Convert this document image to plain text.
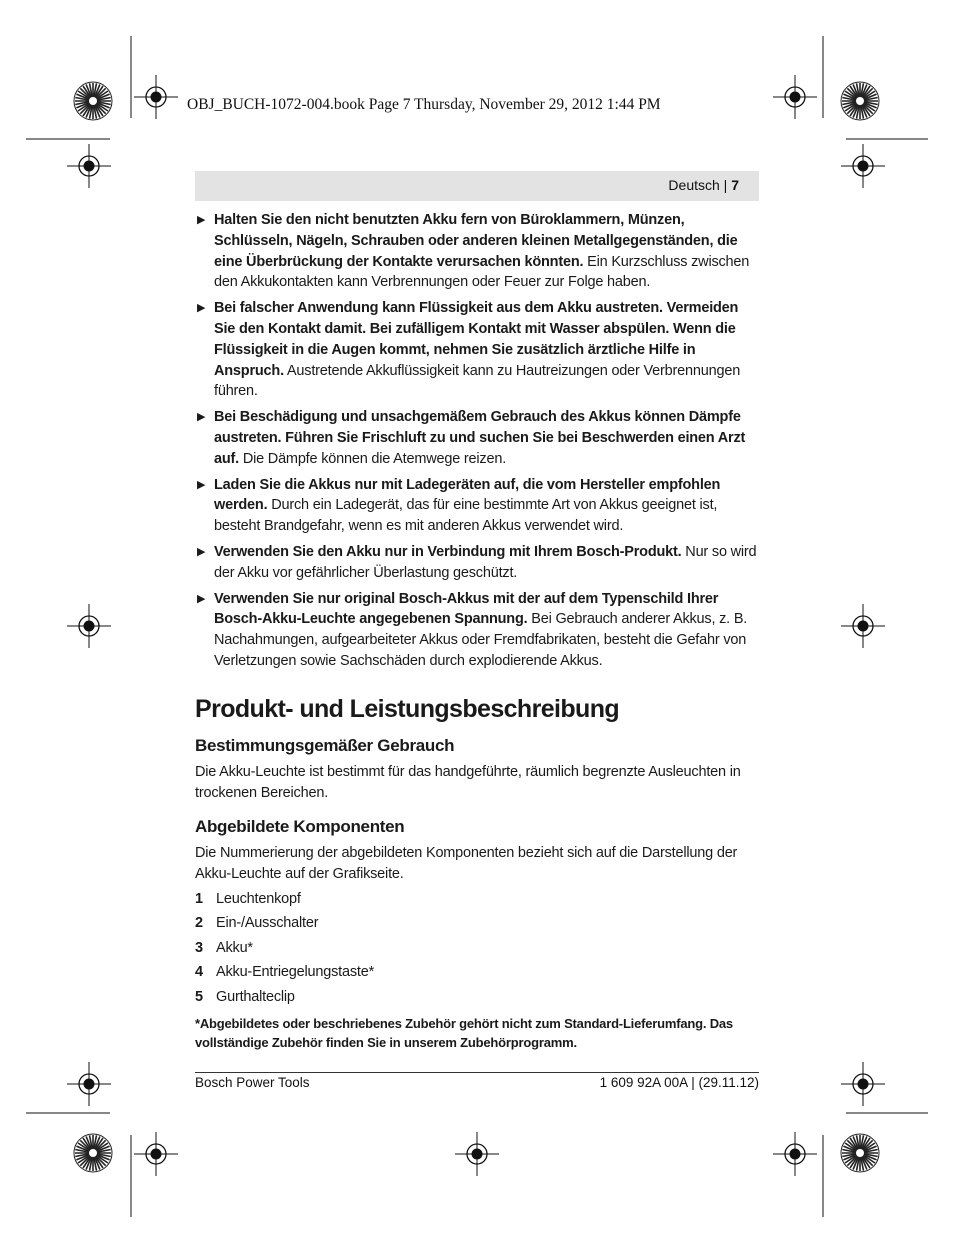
OBJ_BUCH-1072-004.book Page 7 Thursday, November 29, 2012 1:44 PM
Deutsch | 7
▶ Halten Sie den nicht benutzten Akku fern von Büroklammern, Münzen, Schlüsseln, Nägeln, Schrauben oder anderen kleinen Metallgegenständen, die eine Überbrückung der Kontakte verursachen könnten. Ein Kurzschluss zwischen den Akkukontakten kann Verbrennungen oder Feuer zur Folge haben.
▶ Bei falscher Anwendung kann Flüssigkeit aus dem Akku austreten. Vermeiden Sie den Kontakt damit. Bei zufälligem Kontakt mit Wasser abspülen. Wenn die Flüssigkeit in die Augen kommt, nehmen Sie zusätzlich ärztliche Hilfe in Anspruch. Austretende Akkuflüssigkeit kann zu Hautreizungen oder Verbrennungen führen.
▶ Bei Beschädigung und unsachgemäßem Gebrauch des Akkus können Dämpfe austreten. Führen Sie Frischluft zu und suchen Sie bei Beschwerden einen Arzt auf. Die Dämpfe können die Atemwege reizen.
▶ Laden Sie die Akkus nur mit Ladegeräten auf, die vom Hersteller empfohlen werden. Durch ein Ladegerät, das für eine bestimmte Art von Akkus geeignet ist, besteht Brandgefahr, wenn es mit anderen Akkus verwendet wird.
▶ Verwenden Sie den Akku nur in Verbindung mit Ihrem Bosch-Produkt. Nur so wird der Akku vor gefährlicher Überlastung geschützt.
▶ Verwenden Sie nur original Bosch-Akkus mit der auf dem Typenschild Ihrer Bosch-Akku-Leuchte angegebenen Spannung. Bei Gebrauch anderer Akkus, z. B. Nachahmungen, aufgearbeiteter Akkus oder Fremdfabrikaten, besteht die Gefahr von Verletzungen sowie Sachschäden durch explodierende Akkus.
Produkt- und Leistungsbeschreibung
Bestimmungsgemäßer Gebrauch

Die Akku-Leuchte ist bestimmt für das handgeführte, räumlich begrenzte Ausleuchten in trockenen Bereichen.

Abgebildete Komponenten

Die Nummerierung der abgebildeten Komponenten bezieht sich auf die Darstellung der Akku-Leuchte auf der Grafikseite.

1 Leuchtenkopf
2 Ein-/Ausschalter
3 Akku*
4 Akku-Entriegelungstaste*
5 Gurthalteclip
*Abgebildetes oder beschriebenes Zubehör gehört nicht zum Standard-Lieferumfang. Das vollständige Zubehör finden Sie in unserem Zubehörprogramm.
Bosch Power Tools	1 609 92A 00A | (29.11.12)
